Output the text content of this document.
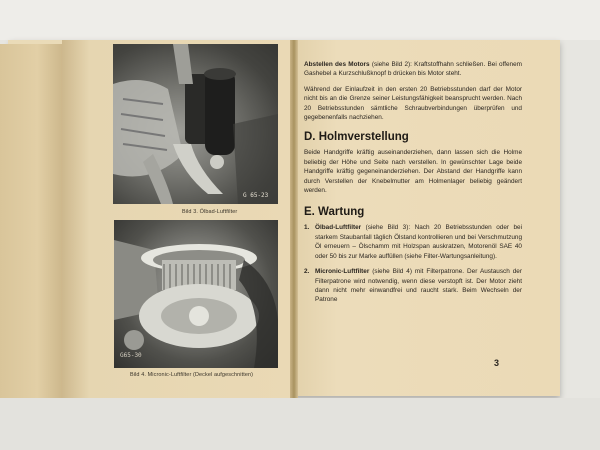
G 65-23
Bild 3. Ölbad-Luftfilter
G65-30
Bild 4. Micronic-Luftfilter (Deckel aufgeschnitten)

Abstellen des Motors (siehe Bild 2): Kraftstoffhahn schließen. Bei offenem Gashebel a Kurzschlußknopf b drücken bis Motor steht.

Während der Einlaufzeit in den ersten 20 Betriebsstunden darf der Motor nicht bis an die Grenze seiner Leistungsfähigkeit beansprucht werden. Nach 20 Betriebsstunden sämtliche Schraubverbindungen überprüfen und gegebenenfalls nachziehen.

D. Holmverstellung

Beide Handgriffe kräftig auseinanderziehen, dann lassen sich die Holme beliebig der Höhe und Seite nach verstellen. In gewünschter Lage beide Handgriffe kräftig gegeneinanderziehen. Der Abstand der Handgriffe kann durch Verstellen der Knebelmutter am Holmenlager beliebig geändert werden.

E. Wartung
1. Ölbad-Luftfilter (siehe Bild 3): Nach 20 Betriebsstunden oder bei starkem Staubanfall täglich Ölstand kontrollieren und bei Verschmutzung Öl erneuern – Ölschamm mit Holzspan auskratzen, Motorenöl SAE 40 oder 50 bis zur Marke auffüllen (siehe Filter-Wartungsanleitung).
2. Micronic-Luftfilter (siehe Bild 4) mit Filterpatrone. Der Austausch der Filterpatrone wird notwendig, wenn diese verstopft ist. Der Motor zieht dann nicht mehr einwandfrei und raucht stark. Beim Wechseln der Patrone
3
